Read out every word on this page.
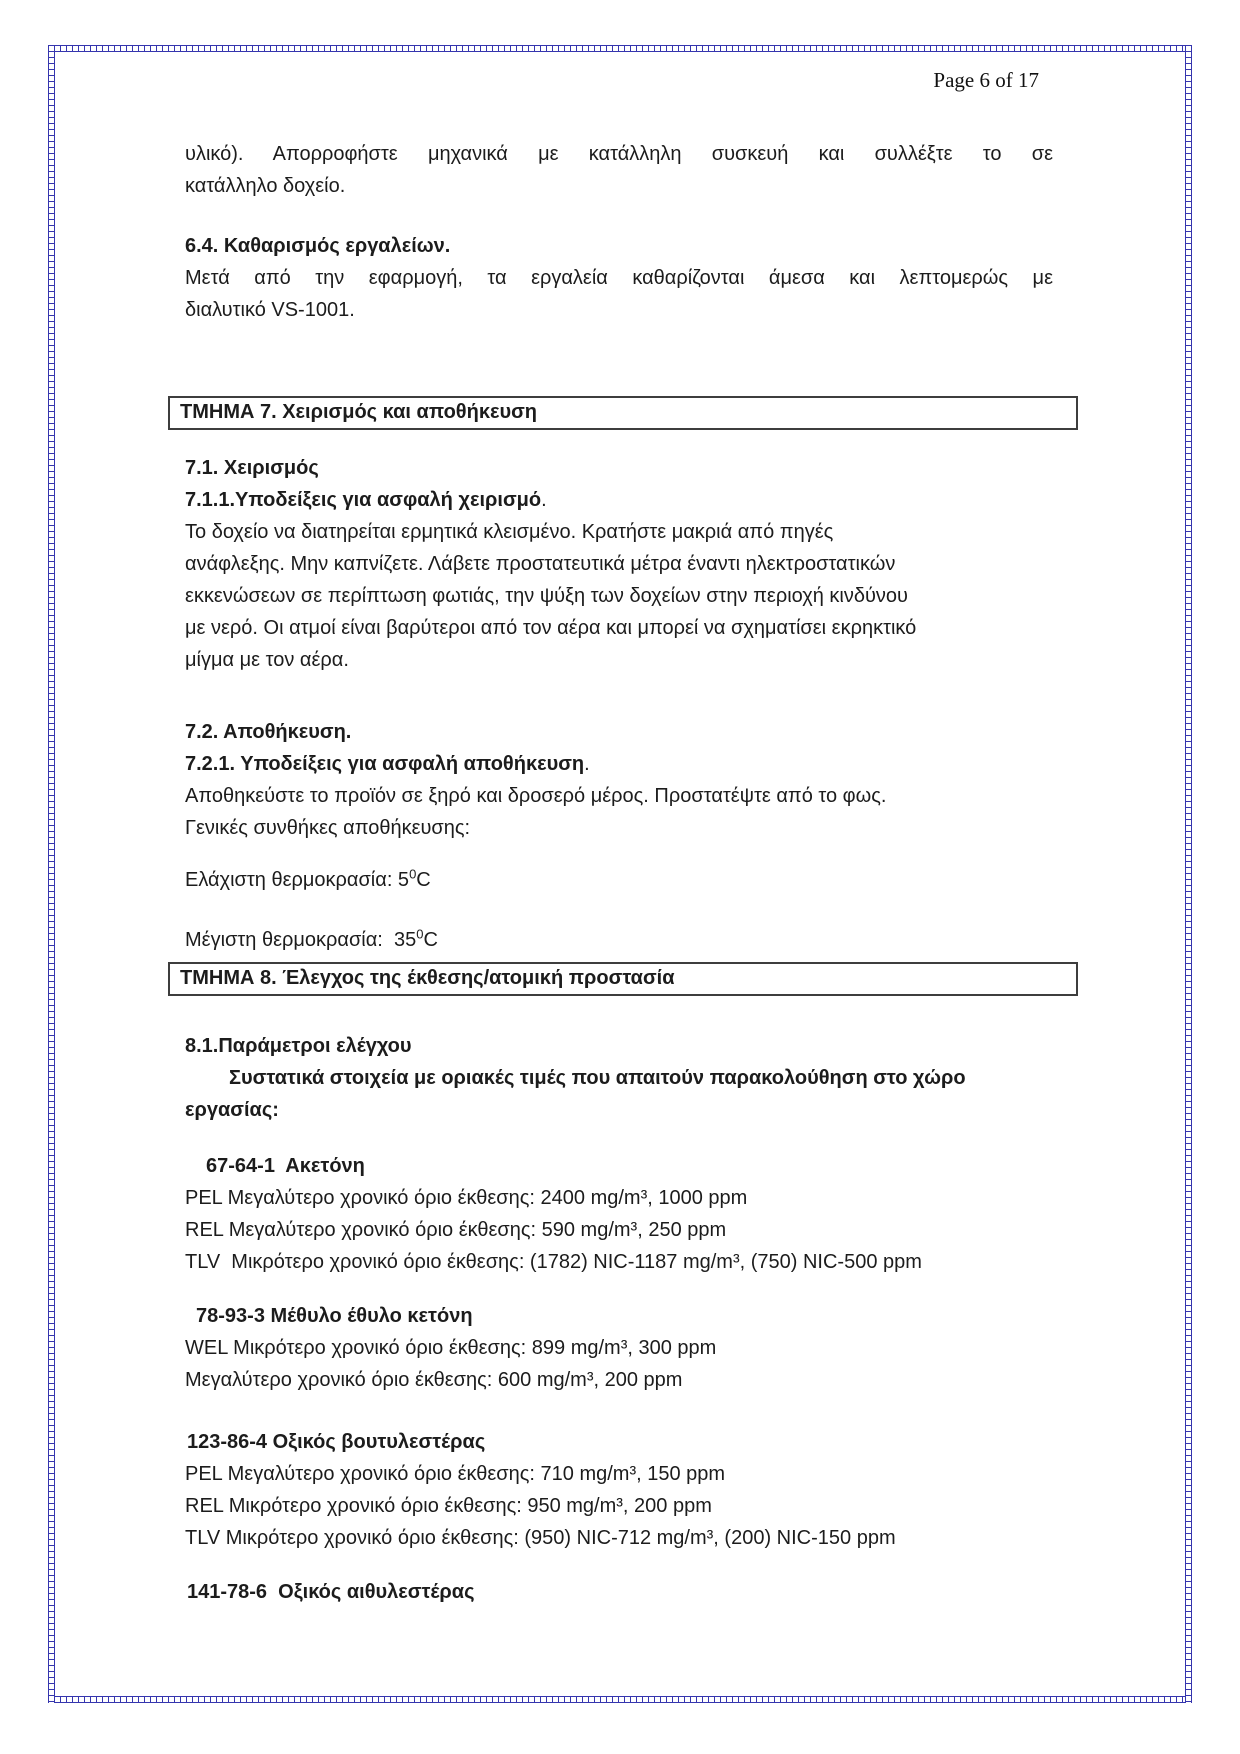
Page 6 of 17
υλικό). Απορροφήστε μηχανικά με κατάλληλη συσκευή και συλλέξτε το σε
κατάλληλο δοχείο.
6.4. Καθαρισμός εργαλείων.
Μετά από την εφαρμογή, τα εργαλεία καθαρίζονται άμεσα και λεπτομερώς με
διαλυτικό VS-1001.
ΤΜΗΜΑ 7. Χειρισμός και αποθήκευση
7.1. Χειρισμός
7.1.1.Υποδείξεις για ασφαλή χειρισμό.
Το δοχείο να διατηρείται ερμητικά κλεισμένο. Κρατήστε μακριά από πηγές
ανάφλεξης. Μην καπνίζετε. Λάβετε προστατευτικά μέτρα έναντι ηλεκτροστατικών
εκκενώσεων σε περίπτωση φωτιάς, την ψύξη των δοχείων στην περιοχή κινδύνου
με νερό. Οι ατμοί είναι βαρύτεροι από τον αέρα και μπορεί να σχηματίσει εκρηκτικό
μίγμα με τον αέρα.
7.2. Αποθήκευση.
7.2.1. Υποδείξεις για ασφαλή αποθήκευση.
Αποθηκεύστε το προϊόν σε ξηρό και δροσερό μέρος. Προστατέψτε από το φως.
Γενικές συνθήκες αποθήκευσης:
Ελάχιστη θερμοκρασία: $5^0C$
Μέγιστη θερμοκρασία:  $35^0C$
ΤΜΗΜΑ 8. Έλεγχος της έκθεσης/ατομική προστασία
8.1.Παράμετροι ελέγχου
Συστατικά στοιχεία με οριακές τιμές που απαιτούν παρακολούθηση στο χώρο
εργασίας:
67-64-1  Ακετόνη
PEL Μεγαλύτερο χρονικό όριο έκθεσης: 2400 mg/m³, 1000 ppm
REL Μεγαλύτερο χρονικό όριο έκθεσης: 590 mg/m³, 250 ppm
TLV  Μικρότερο χρονικό όριο έκθεσης: (1782) NIC-1187 mg/m³, (750) NIC-500 ppm
78-93-3 Μέθυλο έθυλο κετόνη
WEL Μικρότερο χρονικό όριο έκθεσης: 899 mg/m³, 300 ppm
Μεγαλύτερο χρονικό όριο έκθεσης: 600 mg/m³, 200 ppm
123-86-4 Οξικός βουτυλεστέρας
PEL Μεγαλύτερο χρονικό όριο έκθεσης: 710 mg/m³, 150 ppm
REL Μικρότερο χρονικό όριο έκθεσης: 950 mg/m³, 200 ppm
TLV Μικρότερο χρονικό όριο έκθεσης: (950) NIC-712 mg/m³, (200) NIC-150 ppm
141-78-6  Οξικός αιθυλεστέρας
